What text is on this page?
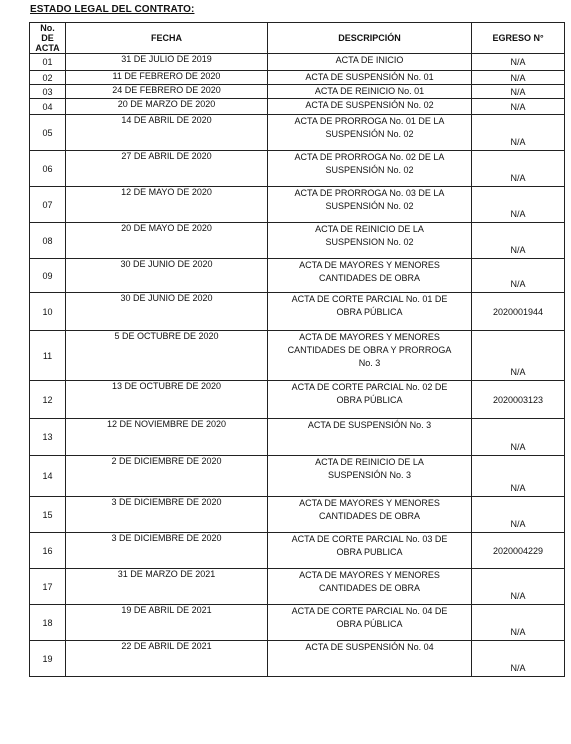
ESTADO LEGAL DEL CONTRATO:
No.
DE
ACTA	FECHA	DESCRIPCIÓN	EGRESO N°
01	31 DE JULIO DE 2019	ACTA DE INICIO	N/A
02	11 DE FEBRERO DE 2020	ACTA DE SUSPENSIÓN No. 01	N/A
03	24 DE FEBRERO DE 2020	ACTA DE REINICIO No. 01	N/A
04	20 DE MARZO DE 2020	ACTA DE SUSPENSIÓN No. 02	N/A
05	14 DE ABRIL DE 2020	ACTA DE PRORROGA No. 01 DE LA
SUSPENSIÓN No. 02	N/A
06	27 DE ABRIL DE 2020	ACTA DE PRORROGA No. 02 DE LA
SUSPENSIÓN No. 02	N/A
07	12 DE MAYO DE 2020	ACTA DE PRORROGA No. 03 DE LA
SUSPENSIÓN No. 02	N/A
08	20 DE MAYO DE 2020	ACTA DE REINICIO DE LA
SUSPENSION No. 02	N/A
09	30 DE JUNIO DE 2020	ACTA DE MAYORES Y MENORES
CANTIDADES DE OBRA	N/A
10	30 DE JUNIO DE 2020	ACTA DE CORTE PARCIAL No. 01 DE
OBRA PÚBLICA	2020001944
11	5 DE OCTUBRE DE 2020	ACTA DE MAYORES Y MENORES
CANTIDADES DE OBRA Y PRORROGA
No. 3	N/A
12	13 DE OCTUBRE DE 2020	ACTA DE CORTE PARCIAL No. 02 DE
OBRA PÚBLICA	2020003123
13	12 DE NOVIEMBRE DE 2020	ACTA DE SUSPENSIÓN No. 3	N/A
14	2 DE DICIEMBRE DE 2020	ACTA DE REINICIO DE LA
SUSPENSIÓN No. 3	N/A
15	3 DE DICIEMBRE DE 2020	ACTA DE MAYORES Y MENORES
CANTIDADES DE OBRA	N/A
16	3 DE DICIEMBRE DE 2020	ACTA DE CORTE PARCIAL No. 03 DE
OBRA PUBLICA	2020004229
17	31 DE MARZO DE 2021	ACTA DE MAYORES Y MENORES
CANTIDADES DE OBRA	N/A
18	19 DE ABRIL DE 2021	ACTA DE CORTE PARCIAL No. 04 DE
OBRA PÚBLICA	N/A
19	22 DE ABRIL DE 2021	ACTA DE SUSPENSIÓN No. 04	N/A
